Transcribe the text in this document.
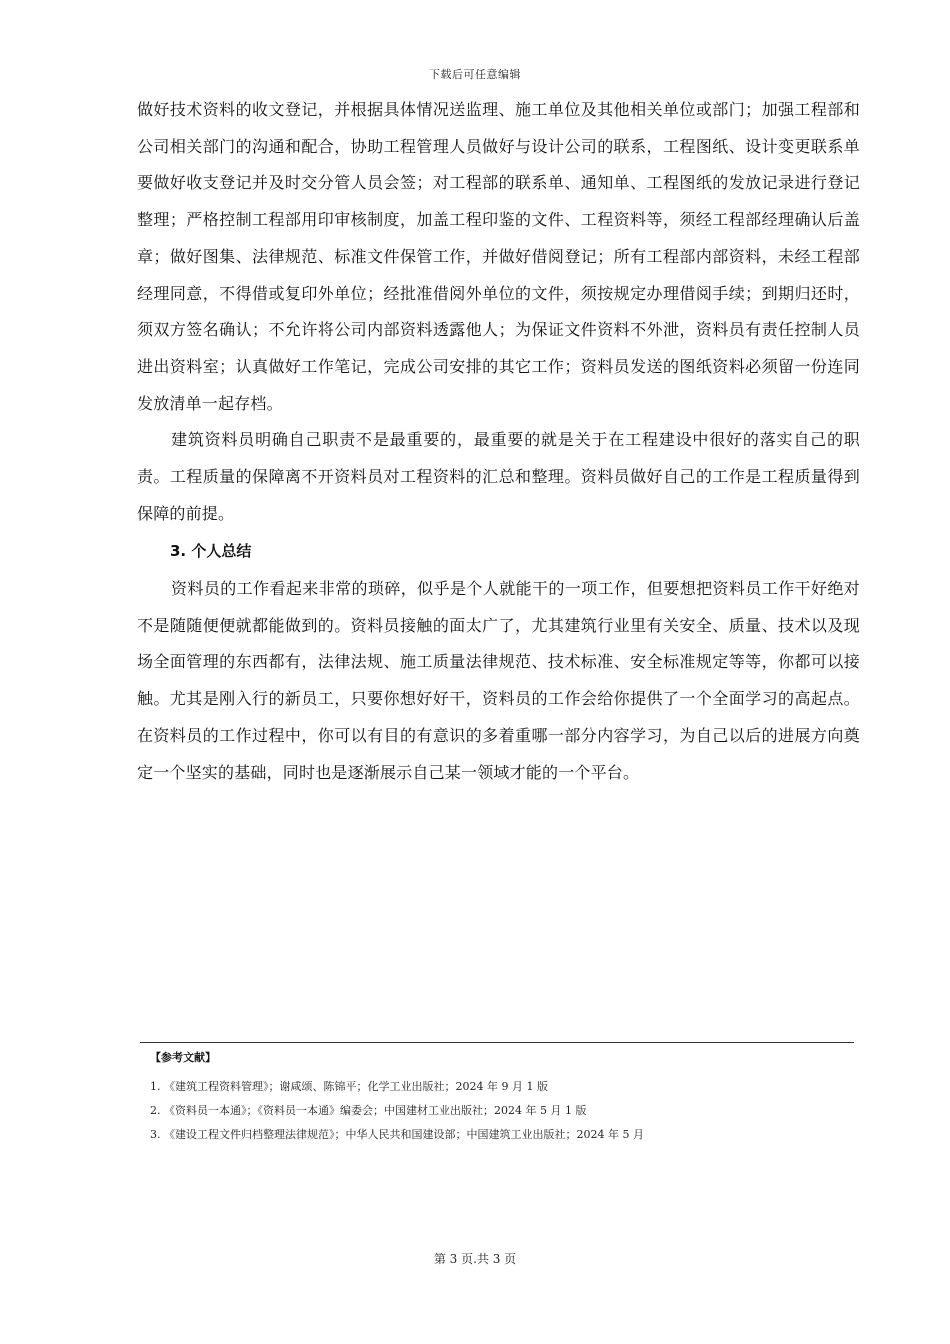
下载后可任意编辑

做好技术资料的收文登记，并根据具体情况送监理、施工单位及其他相关单位或部门；加强工程部和公司相关部门的沟通和配合，协助工程管理人员做好与设计公司的联系，工程图纸、设计变更联系单要做好收支登记并及时交分管人员会签；对工程部的联系单、通知单、工程图纸的发放记录进行登记整理；严格控制工程部用印审核制度，加盖工程印鉴的文件、工程资料等，须经工程部经理确认后盖章；做好图集、法律规范、标准文件保管工作，并做好借阅登记；所有工程部内部资料，未经工程部经理同意，不得借或复印外单位；经批准借阅外单位的文件，须按规定办理借阅手续；到期归还时，须双方签名确认；不允许将公司内部资料透露他人；为保证文件资料不外泄，资料员有责任控制人员进出资料室；认真做好工作笔记，完成公司安排的其它工作；资料员发送的图纸资料必须留一份连同发放清单一起存档。

建筑资料员明确自己职责不是最重要的，最重要的就是关于在工程建设中很好的落实自己的职责。工程质量的保障离不开资料员对工程资料的汇总和整理。资料员做好自己的工作是工程质量得到保障的前提。

3. 个人总结

资料员的工作看起来非常的琐碎，似乎是个人就能干的一项工作，但要想把资料员工作干好绝对不是随随便便就都能做到的。资料员接触的面太广了，尤其建筑行业里有关安全、质量、技术以及现场全面管理的东西都有，法律法规、施工质量法律规范、技术标准、安全标准规定等等，你都可以接触。尤其是刚入行的新员工，只要你想好好干，资料员的工作会给你提供了一个全面学习的高起点。在资料员的工作过程中，你可以有目的有意识的多着重哪一部分内容学习，为自己以后的进展方向奠定一个坚实的基础，同时也是逐渐展示自己某一领域才能的一个平台。

【参考文献】
1. 《建筑工程资料管理》；谢咸颂、陈锦平；化学工业出版社；2024 年 9 月 1 版
2. 《资料员一本通》；《资料员一本通》编委会；中国建材工业出版社；2024 年 5 月 1 版
3. 《建设工程文件归档整理法律规范》；中华人民共和国建设部；中国建筑工业出版社；2024 年 5 月
第 3 页.共 3 页
